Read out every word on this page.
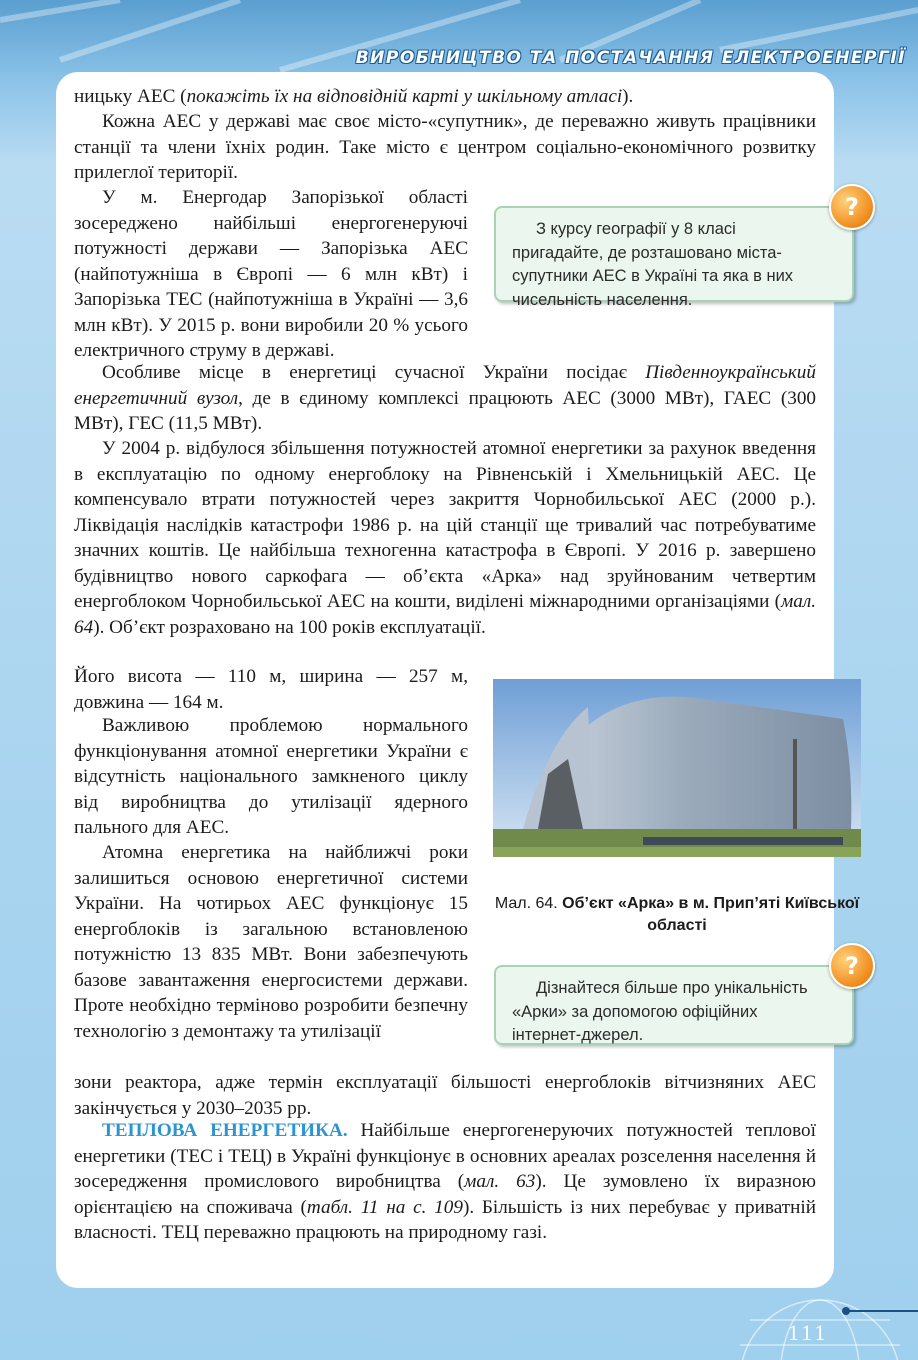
ВИРОБНИЦТВО ТА ПОСТАЧАННЯ ЕЛЕКТРОЕНЕРГІЇ

ницьку АЕС (покажіть їх на відповідній карті у шкільному атласі).

Кожна АЕС у державі має своє місто-«супутник», де переважно живуть працівники станції та члени їхніх родин. Таке місто є центром соціально-економічного розвитку прилеглої території.

У м. Енергодар Запорізької області зосереджено найбільші енергогенеруючі потужності держави — Запорізька АЕС (найпотужніша в Європі — 6 млн кВт) і Запорізька ТЕС (найпотужніша в Україні — 3,6 млн кВт). У 2015 р. вони виробили 20 % усього електричного струму в державі.

З курсу географії у 8 класі пригадайте, де розташовано міста-супутники АЕС в Україні та яка в них чисельність населення.
?

Особливе місце в енергетиці сучасної України посідає Південноукраїнський енергетичний вузол, де в єдиному комплексі працюють АЕС (3000 МВт), ГАЕС (300 МВт), ГЕС (11,5 МВт).

У 2004 р. відбулося збільшення потужностей атомної енергетики за рахунок введення в експлуатацію по одному енергоблоку на Рівненській і Хмельницькій АЕС. Це компенсувало втрати потужностей через закриття Чорнобильської АЕС (2000 р.). Ліквідація наслідків катастрофи 1986 р. на цій станції ще тривалий час потребуватиме значних коштів. Це найбільша техногенна катастрофа в Європі. У 2016 р. завершено будівництво нового саркофага — об’єкта «Арка» над зруйнованим четвертим енергоблоком Чорнобильської АЕС на кошти, виділені міжнародними організаціями (мал. 64). Об’єкт розраховано на 100 років експлуатації.

Його висота — 110 м, ширина — 257 м, довжина — 164 м.

Важливою проблемою нормального функціонування атомної енергетики України є відсутність національного замкненого циклу від виробництва до утилізації ядерного пального для АЕС.

Атомна енергетика на найближчі роки залишиться основою енергетичної системи України. На чотирьох АЕС функціонує 15 енергоблоків із загальною встановленою потужністю 13 835 МВт. Вони забезпечують базове завантаження енергосистеми держави. Проте необхідно терміново розробити безпечну технологію з демонтажу та утилізації

зони реактора, адже термін експлуатації більшості енергоблоків вітчизняних АЕС закінчується у 2030–2035 рр.

ТЕПЛОВА ЕНЕРГЕТИКА. Найбільше енергогенеруючих потужностей теплової енергетики (ТЕС і ТЕЦ) в Україні функціонує в основних ареалах розселення населення й зосередження промислового виробництва (мал. 63). Це зумовлено їх виразною орієнтацією на споживача (табл. 11 на с. 109). Більшість із них перебуває у приватній власності. ТЕЦ переважно працюють на природному газі.

Мал. 64. Об’єкт «Арка» в м. Прип’яті Київської області
Дізнайтеся більше про унікальність «Арки» за допомогою офіційних інтернет-джерел.
?
111
